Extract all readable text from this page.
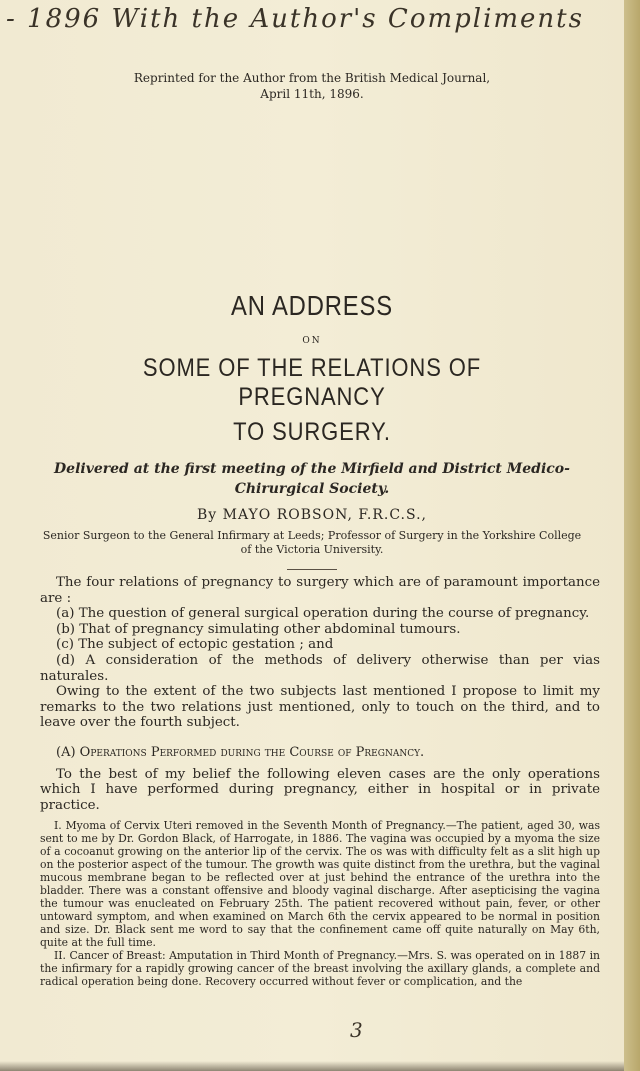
- 1896 With the Author's Compliments
Reprinted for the Author from the British Medical Journal,
April 11th, 1896.
AN ADDRESS
ON
SOME OF THE RELATIONS OF PREGNANCY
TO SURGERY.
Delivered at the first meeting of the Mirfield and District Medico-Chirurgical Society.
By MAYO ROBSON, F.R.C.S.,
Senior Surgeon to the General Infirmary at Leeds; Professor of Surgery in the Yorkshire College of the Victoria University.

The four relations of pregnancy to surgery which are of paramount importance are :

(a) The question of general surgical operation during the course of pregnancy.

(b) That of pregnancy simulating other abdominal tumours.

(c) The subject of ectopic gestation ; and

(d) A consideration of the methods of delivery otherwise than per vias naturales.

Owing to the extent of the two subjects last mentioned I propose to limit my remarks to the two relations just mentioned, only to touch on the third, and to leave over the fourth subject.

(A) Operations Performed during the Course of Pregnancy.

To the best of my belief the following eleven cases are the only operations which I have performed during pregnancy, either in hospital or in private practice.

I. Myoma of Cervix Uteri removed in the Seventh Month of Pregnancy.—The patient, aged 30, was sent to me by Dr. Gordon Black, of Harrogate, in 1886. The vagina was occupied by a myoma the size of a cocoanut growing on the anterior lip of the cervix. The os was with difficulty felt as a slit high up on the posterior aspect of the tumour. The growth was quite distinct from the urethra, but the vaginal mucous membrane began to be reflected over at just behind the entrance of the urethra into the bladder. There was a constant offensive and bloody vaginal discharge. After asepticising the vagina the tumour was enucleated on February 25th. The patient recovered without pain, fever, or other untoward symptom, and when examined on March 6th the cervix appeared to be normal in position and size. Dr. Black sent me word to say that the confinement came off quite naturally on May 6th, quite at the full time.

II. Cancer of Breast: Amputation in Third Month of Pregnancy.—Mrs. S. was operated on in 1887 in the infirmary for a rapidly growing cancer of the breast involving the axillary glands, a complete and radical operation being done. Recovery occurred without fever or complication, and the

3
